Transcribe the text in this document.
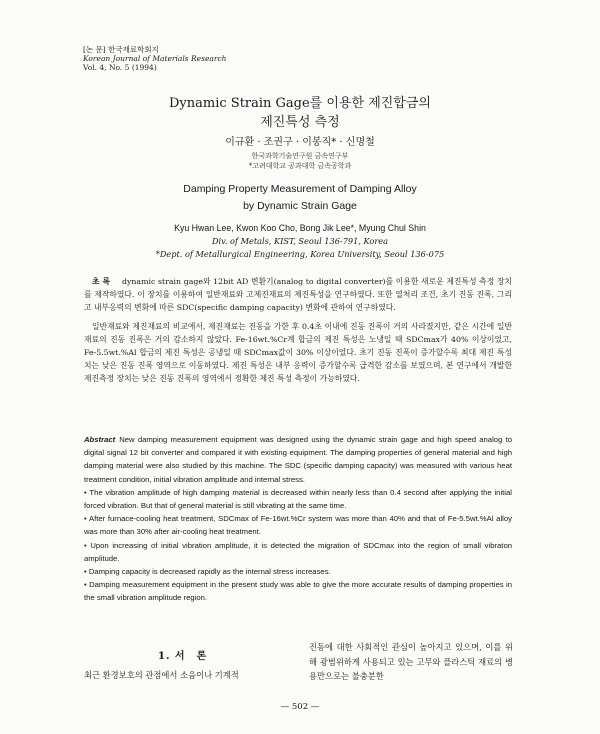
[논 문] 한국재료학회지
Korean Journal of Materials Research
Vol. 4, No. 5 (1994)
Dynamic Strain Gage를 이용한 제진합금의
제진특성 측정
이규환 · 조권구 · 이봉직* · 신명철
한국과학기술연구원 금속연구부
*고려대학교 공과대학 금속공학과
Damping Property Measurement of Damping Alloy
by Dynamic Strain Gage
Kyu Hwan Lee, Kwon Koo Cho, Bong Jik Lee*, Myung Chul Shin
Div. of Metals, KIST, Seoul 136-791, Korea
*Dept. of Metallurgical Engineering, Korea University, Seoul 136-075

초 록 dynamic strain gage와 12bit AD 변환기(analog to digital converter)를 이용한 새로운 제진특성 측정 장치를 제작하였다. 이 장치를 이용하여 일반재료와 고제진재료의 제진특성을 연구하였다. 또한 열처리 조건, 초기 진동 진폭, 그리고 내부응력의 변화에 따른 SDC(specific damping capacity) 변화에 관하여 연구하였다.

일반재료와 제진재료의 비교에서, 제진재료는 진동을 가한 후 0.4초 이내에 진동 진폭이 거의 사라졌지만, 같은 시간에 일반재료의 진동 진폭은 거의 감소하지 않았다. Fe-16wt.%Cr계 합금의 제진 특성은 노냉일 때 SDCmax가 40% 이상이었고, Fe-5.5wt.%Al 합금의 제진 특성은 공냉일 때 SDCmax값이 30% 이상이었다. 초기 진동 진폭이 증가할수록 최대 제진 특성치는 낮은 진동 진폭 영역으로 이동하였다. 제진 특성은 내부 응력이 증가할수록 급격한 감소를 보였으며, 본 연구에서 개발한 제진측정 장치는 낮은 진동 진폭의 영역에서 정확한 제진 특성 측정이 가능하였다.

Abstract New damping measurement equipment was designed using the dynamic strain gage and high speed analog to digital signal 12 bit converter and compared it with existing equipment. The damping properties of general material and high damping material were also studied by this machine. The SDC (specific damping capacity) was measured with various heat treatment condition, initial vibration amplitude and internal stress.

• The vibration amplitude of high damping material is decreased within nearly less than 0.4 second after applying the initial forced vibration. But that of general material is still vibrating at the same time.

• After furnace-cooling heat treatment, SDCmax of Fe-16wt.%Cr system was more than 40% and that of Fe-5.5wt.%Al alloy was more than 30% after air-cooling heat treatment.

• Upon increasing of initial vibration amplitude, it is detected the migration of SDCmax into the region of small vibraton amplitude.

• Damping capacity is decreased rapidly as the internal stress increases.

• Damping measurement equipment in the present study was able to give the more accurate results of damping properties in the small vibration amplitude region.

1. 서　론
최근 환경보호의 관점에서 소음이나 기계적
진동에 대한 사회적인 관심이 높아지고 있으며, 이를 위해 광범위하게 사용되고 있는 고무와 플라스틱 재료의 병용만으로는 불충분한
— 502 —
